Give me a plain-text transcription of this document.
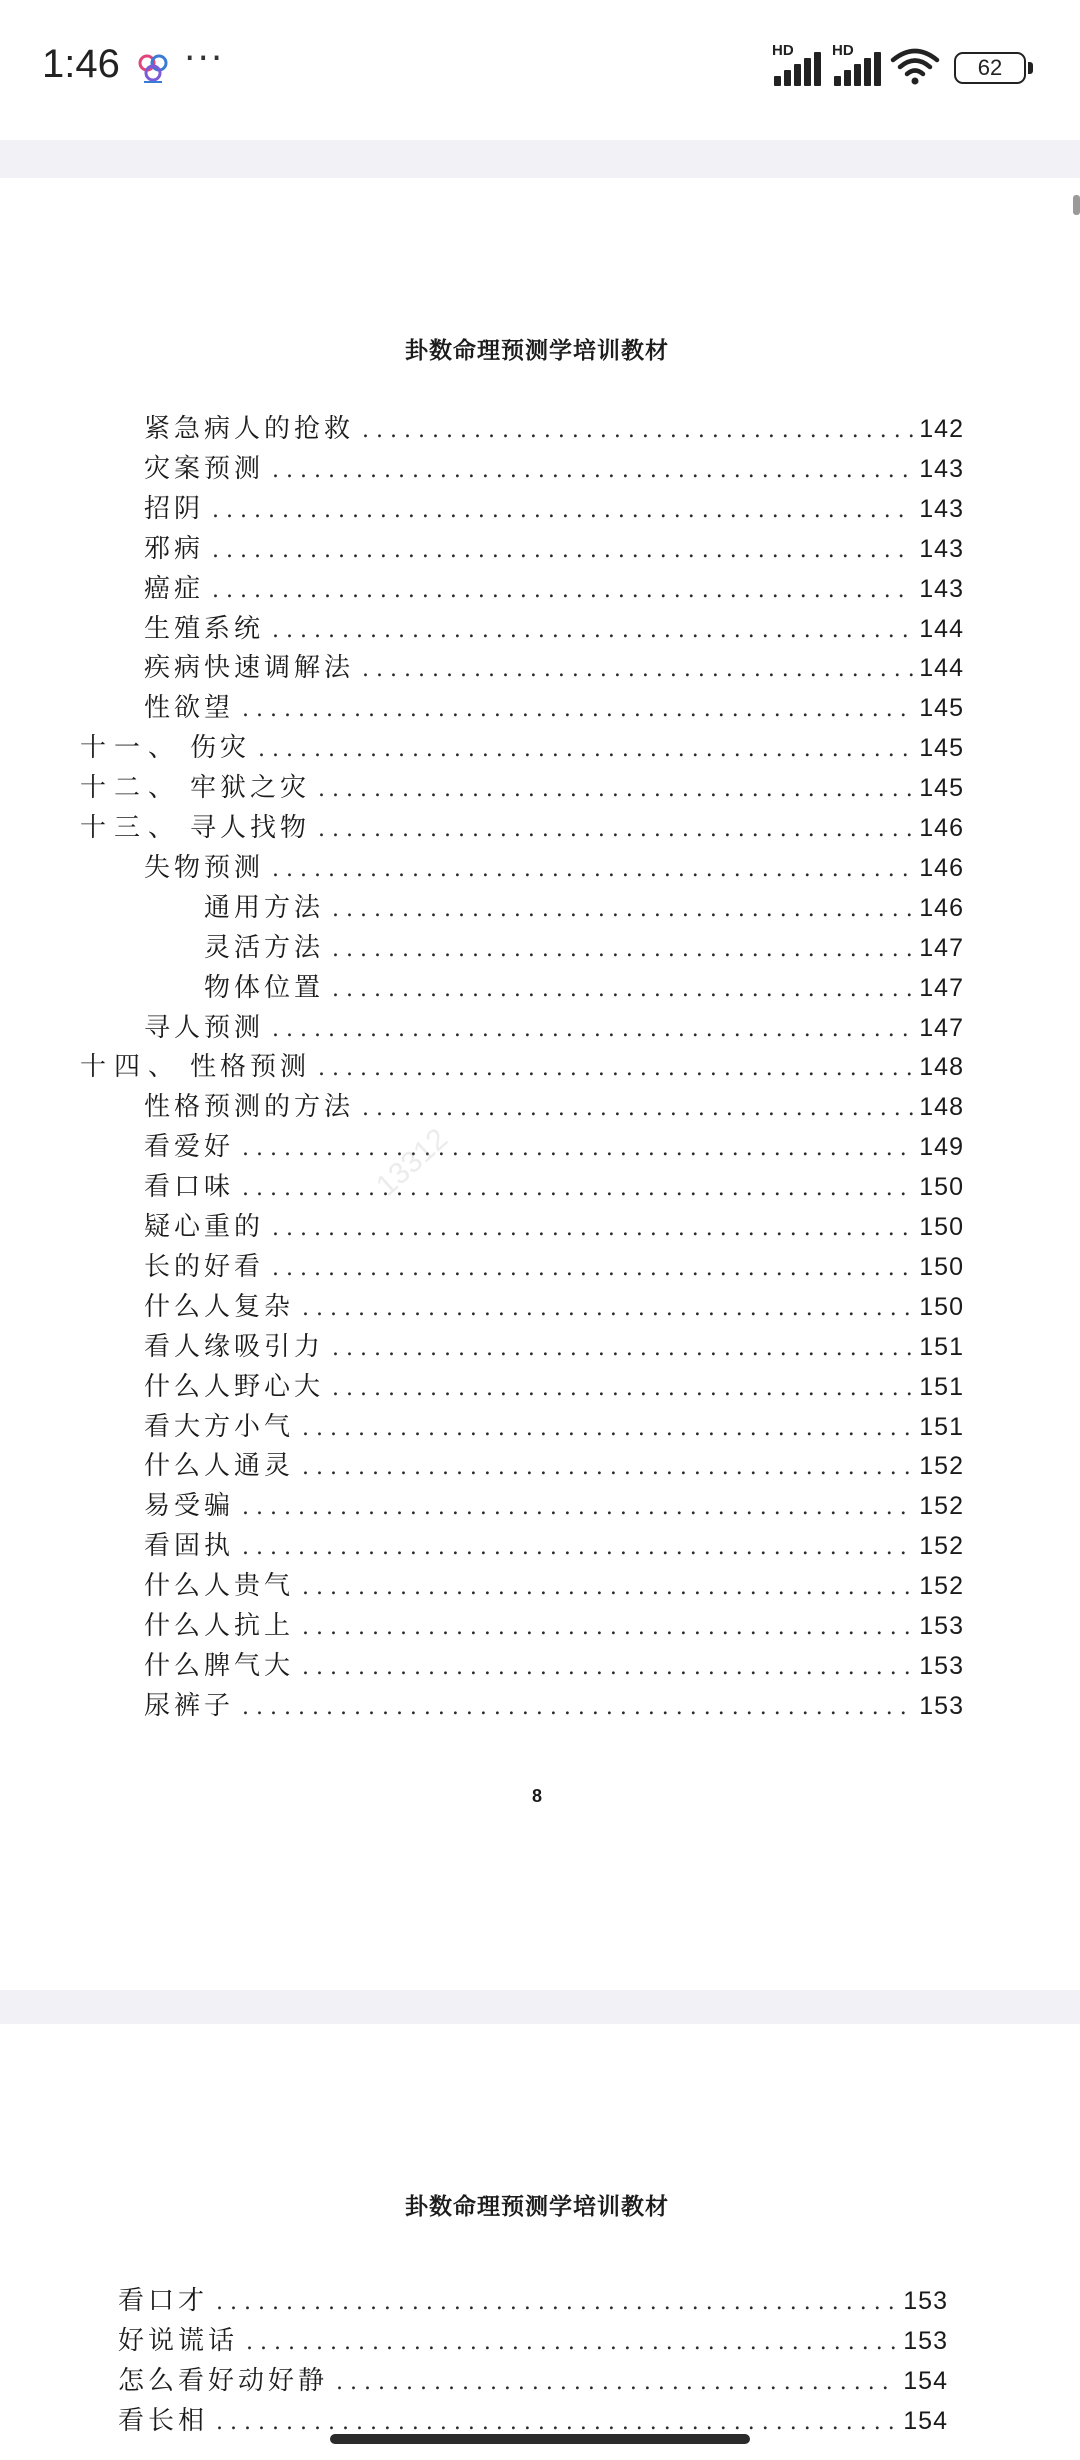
1:46 ···	HD	HD
62
卦数命理预测学培训教材
紧急病人的抢救 .....	142
灾案预测 .....	143
招阴 .....	143
邪病 .....	143
癌症 .....	143
生殖系统 .....	144
疾病快速调解法 .....	144
性欲望 .....	145
十一、 伤灾 .....	145
十二、 牢狱之灾 .....	145
十三、 寻人找物 .....	146
失物预测 .....	146
通用方法 .....	146
灵活方法 .....	147
物体位置 .....	147
寻人预测 .....	147
十四、 性格预测 .....	148
性格预测的方法 .....	148
看爱好 .....	149
看口味 .....	150
疑心重的 .....	150
长的好看 .....	150
什么人复杂 .....	150
看人缘吸引力 .....	151
什么人野心大 .....	151
看大方小气 .....	151
什么人通灵 .....	152
易受骗 .....	152
看固执 .....	152
什么人贵气 .....	152
什么人抗上 .....	153
什么脾气大 .....	153
尿裤子 .....	153
13312
8
卦数命理预测学培训教材
看口才 .....	153
好说谎话 .....	153
怎么看好动好静 .....	154
看长相 .....	154
